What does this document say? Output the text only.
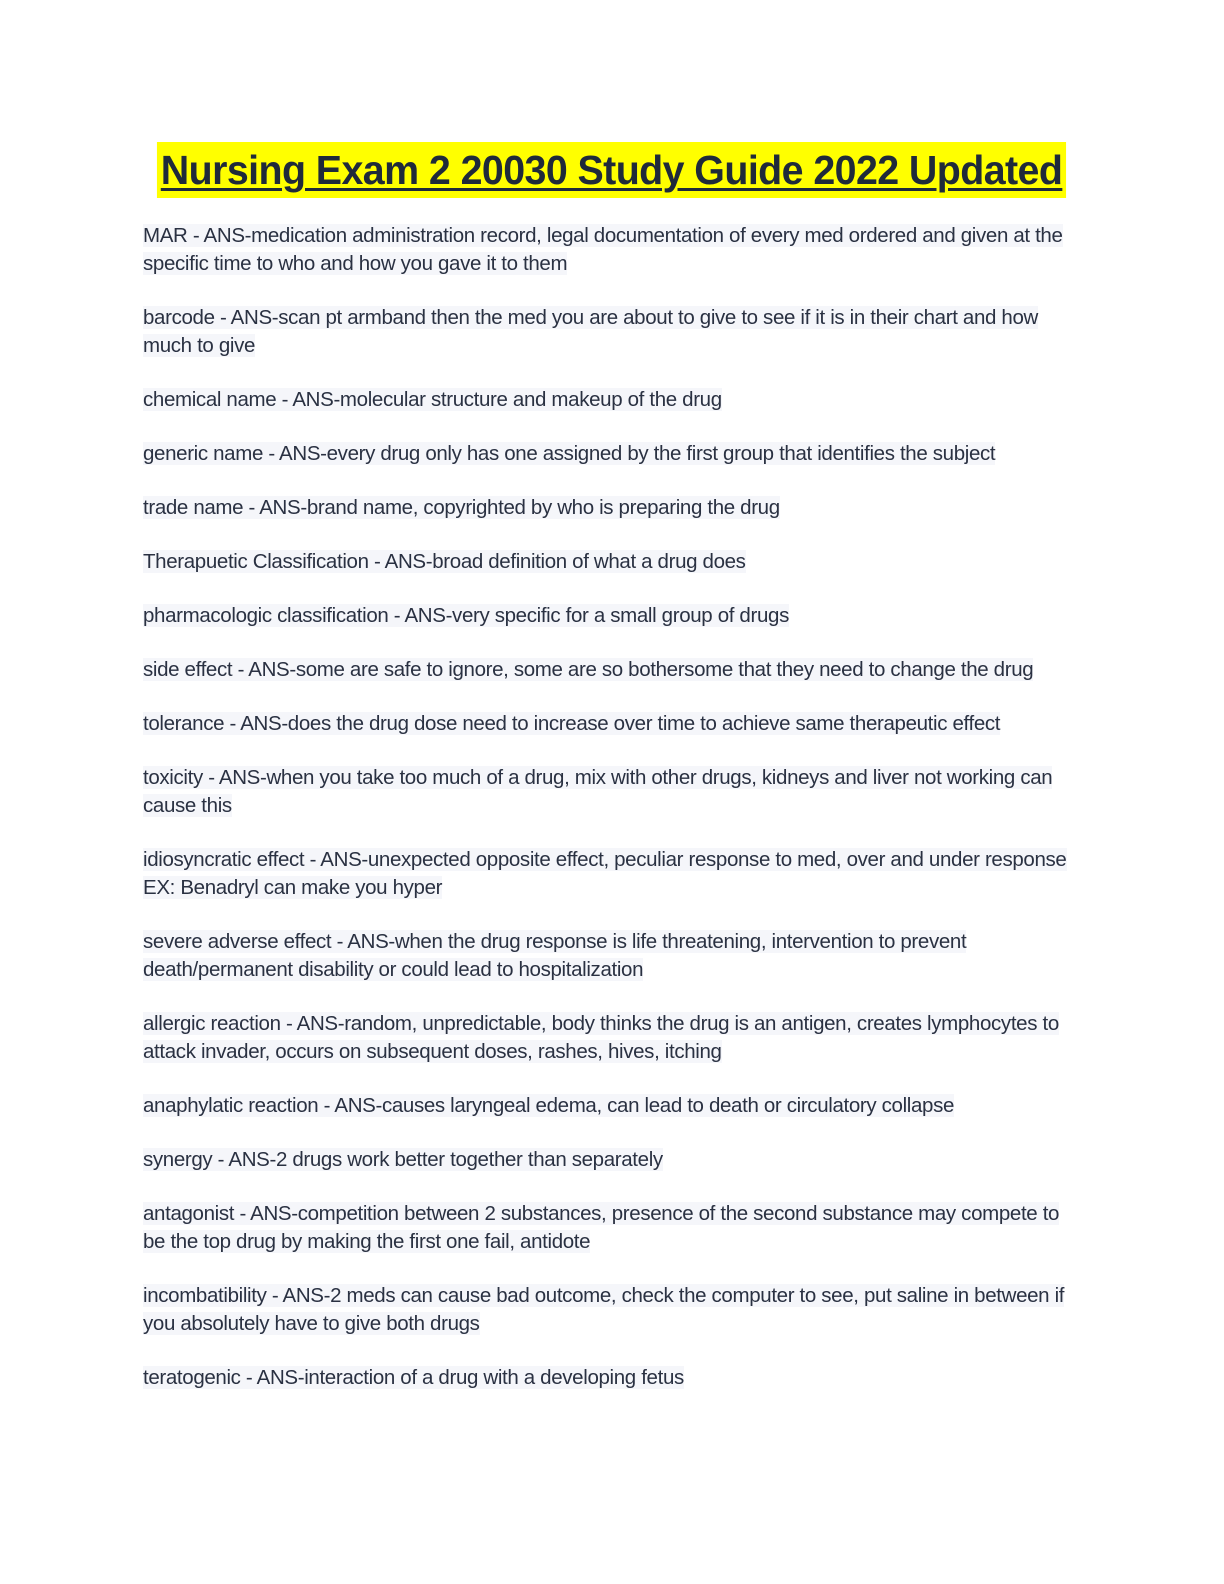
Nursing Exam 2 20030 Study Guide 2022 Updated
MAR - ANS-medication administration record, legal documentation of every med ordered and given at the specific time to who and how you gave it to them
barcode - ANS-scan pt armband then the med you are about to give to see if it is in their chart and how much to give
chemical name - ANS-molecular structure and makeup of the drug
generic name - ANS-every drug only has one assigned by the first group that identifies the subject
trade name - ANS-brand name, copyrighted by who is preparing the drug
Therapuetic Classification - ANS-broad definition of what a drug does
pharmacologic classification - ANS-very specific for a small group of drugs
side effect - ANS-some are safe to ignore, some are so bothersome that they need to change the drug
tolerance - ANS-does the drug dose need to increase over time to achieve same therapeutic effect
toxicity - ANS-when you take too much of a drug, mix with other drugs, kidneys and liver not working can cause this
idiosyncratic effect - ANS-unexpected opposite effect, peculiar response to med, over and under response EX: Benadryl can make you hyper
severe adverse effect - ANS-when the drug response is life threatening, intervention to prevent death/permanent disability or could lead to hospitalization
allergic reaction - ANS-random, unpredictable, body thinks the drug is an antigen, creates lymphocytes to attack invader, occurs on subsequent doses, rashes, hives, itching
anaphylatic reaction - ANS-causes laryngeal edema, can lead to death or circulatory collapse
synergy - ANS-2 drugs work better together than separately
antagonist - ANS-competition between 2 substances, presence of the second substance may compete to be the top drug by making the first one fail, antidote
incombatibility - ANS-2 meds can cause bad outcome, check the computer to see, put saline in between if you absolutely have to give both drugs
teratogenic - ANS-interaction of a drug with a developing fetus
